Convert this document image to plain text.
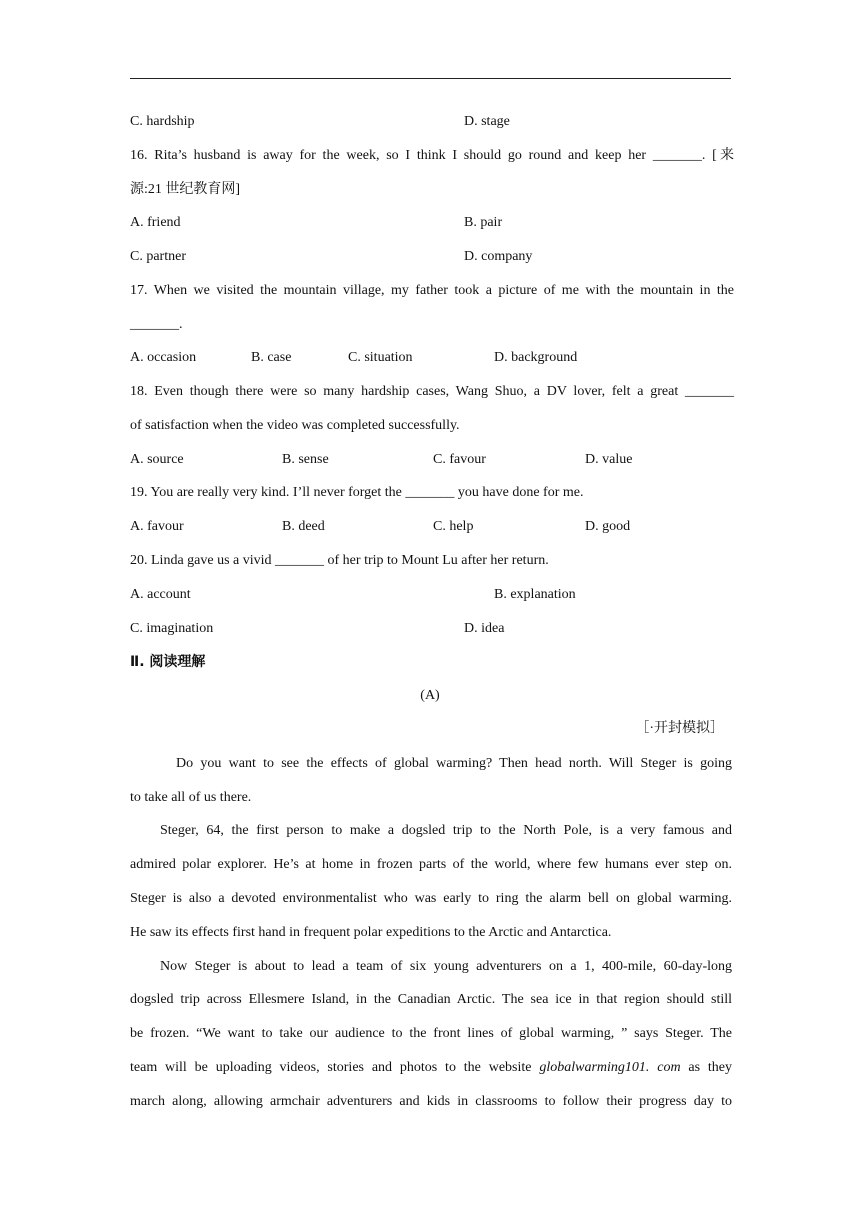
C. hardship	D. stage
16. Rita’s husband is away for the week, so I think I should go round and keep her _______. [来
源:21 世纪教育网]
A. friend	B. pair
C. partner	D. company
17. When we visited the mountain village, my father took a picture of me with the mountain in the
_______.
A. occasion	B. case	C. situation	D. background
18. Even though there were so many hardship cases, Wang Shuo, a DV lover, felt a great _______
of satisfaction when the video was completed successfully.
A. source	B. sense	C. favour	D. value
19. You are really very kind. I’ll never forget the _______ you have done for me.
A. favour	B. deed	C. help	D. good
20. Linda gave us a vivid _______ of her trip to Mount Lu after her return.
A. account	B. explanation
C. imagination	D. idea
Ⅱ. 阅读理解
(A)
［·开封模拟］
Do you want to see the effects of global warming? Then head north. Will Steger is going
to take all of us there.
Steger, 64, the first person to make a dogsled trip to the North Pole, is a very famous and
admired polar explorer. He’s at home in frozen parts of the world, where few humans ever step on.
Steger is also a devoted environmentalist who was early to ring the alarm bell on global warming.
He saw its effects first hand in frequent polar expeditions to the Arctic and Antarctica.
Now Steger is about to lead a team of six young adventurers on a 1, 400-mile, 60-day-long
dogsled trip across Ellesmere Island, in the Canadian Arctic. The sea ice in that region should still
be frozen. “We want to take our audience to the front lines of global warming, ” says Steger. The
team will be uploading videos, stories and photos to the website globalwarming101. com as they
march along, allowing armchair adventurers and kids in classrooms to follow their progress day to
